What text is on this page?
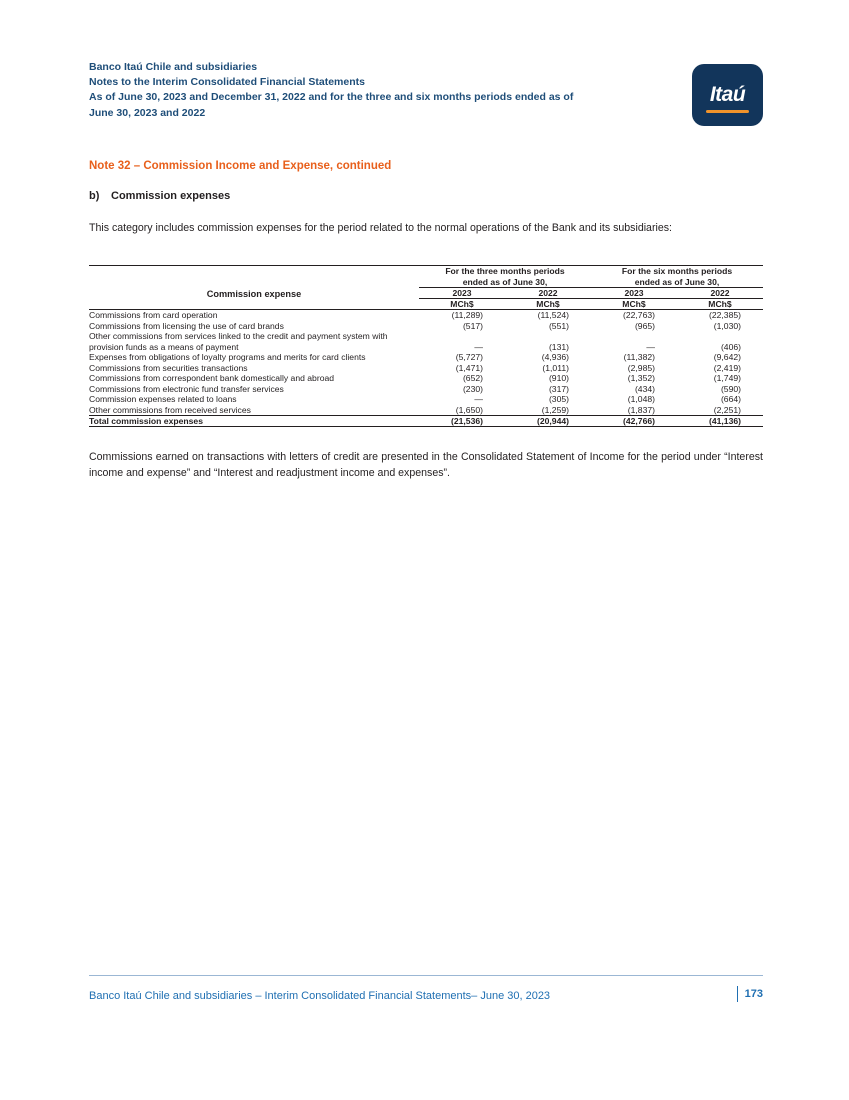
Banco Itaú Chile and subsidiaries
Notes to the Interim Consolidated Financial Statements
As of June 30, 2023 and December 31, 2022 and for the three and six months periods ended as of
June 30, 2023 and 2022
Itaú
Note 32 – Commission Income and Expense, continued
b) Commission expenses
This category includes commission expenses for the period related to the normal operations of the Bank and its subsidiaries:

Commission expense	For the three months periods
ended as of June 30,		For the six months periods
ended as of June 30,	
	2023	2022	2023	2022
	MCh$	MCh$	MCh$	MCh$
Commissions from card operation	(11,289)	(11,524)	(22,763)	(22,385)
Commissions from licensing the use of card brands	(517)	(551)	(965)	(1,030)
Other commissions from services linked to the credit and payment system with provision funds as a means of payment	—	(131)	—	(406)
Expenses from obligations of loyalty programs and merits for card clients	(5,727)	(4,936)	(11,382)	(9,642)
Commissions from securities transactions	(1,471)	(1,011)	(2,985)	(2,419)
Commissions from correspondent bank domestically and abroad	(652)	(910)	(1,352)	(1,749)
Commissions from electronic fund transfer services	(230)	(317)	(434)	(590)
Commission expenses related to loans	—	(305)	(1,048)	(664)
Other commissions from received services	(1,650)	(1,259)	(1,837)	(2,251)
Total commission expenses	(21,536)	(20,944)	(42,766)	(41,136)
Commissions earned on transactions with letters of credit are presented in the Consolidated Statement of Income for the period under “Interest income and expense” and “Interest and readjustment income and expenses”.
Banco Itaú Chile and subsidiaries – Interim Consolidated Financial Statements– June 30, 2023	173
